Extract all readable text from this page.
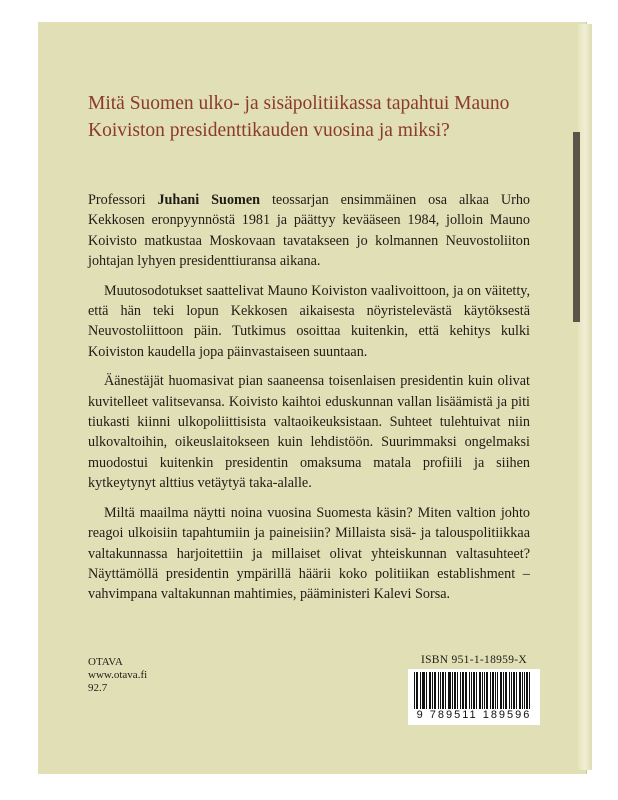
Mitä Suomen ulko- ja sisäpolitiikassa tapahtui Mauno Koiviston presidenttikauden vuosina ja miksi?

Professori Juhani Suomen teossarjan ensimmäinen osa alkaa Urho Kekkosen eronpyynnöstä 1981 ja päättyy kevääseen 1984, jolloin Mauno Koivisto matkustaa Moskovaan tavatakseen jo kolmannen Neuvostoliiton johtajan lyhyen presidenttiuransa aikana.

Muutosodotukset saattelivat Mauno Koiviston vaalivoittoon, ja on väitetty, että hän teki lopun Kekkosen aikaisesta nöyristelevästä käytöksestä Neuvostoliittoon päin. Tutkimus osoittaa kuitenkin, että kehitys kulki Koiviston kaudella jopa päinvastaiseen suuntaan.

Äänestäjät huomasivat pian saaneensa toisenlaisen presidentin kuin olivat kuvitelleet valitsevansa. Koivisto kaihtoi eduskunnan vallan lisäämistä ja piti tiukasti kiinni ulkopoliittisista valtaoikeuksistaan. Suhteet tulehtuivat niin ulkovaltoihin, oikeuslaitokseen kuin lehdistöön. Suurimmaksi ongelmaksi muodostui kuitenkin presidentin omaksuma matala profiili ja siihen kytkeytynyt alttius vetäytyä taka-alalle.

Miltä maailma näytti noina vuosina Suomesta käsin? Miten valtion johto reagoi ulkoisiin tapahtumiin ja paineisiin? Millaista sisä- ja talouspolitiikkaa valtakunnassa harjoitettiin ja millaiset olivat yhteiskunnan valtasuhteet? Näyttämöllä presidentin ympärillä häärii koko politiikan establishment – vahvimpana valtakunnan mahtimies, pääministeri Kalevi Sorsa.

OTAVA
www.otava.fi
92.7
ISBN 951-1-18959-X
9 789511 189596
